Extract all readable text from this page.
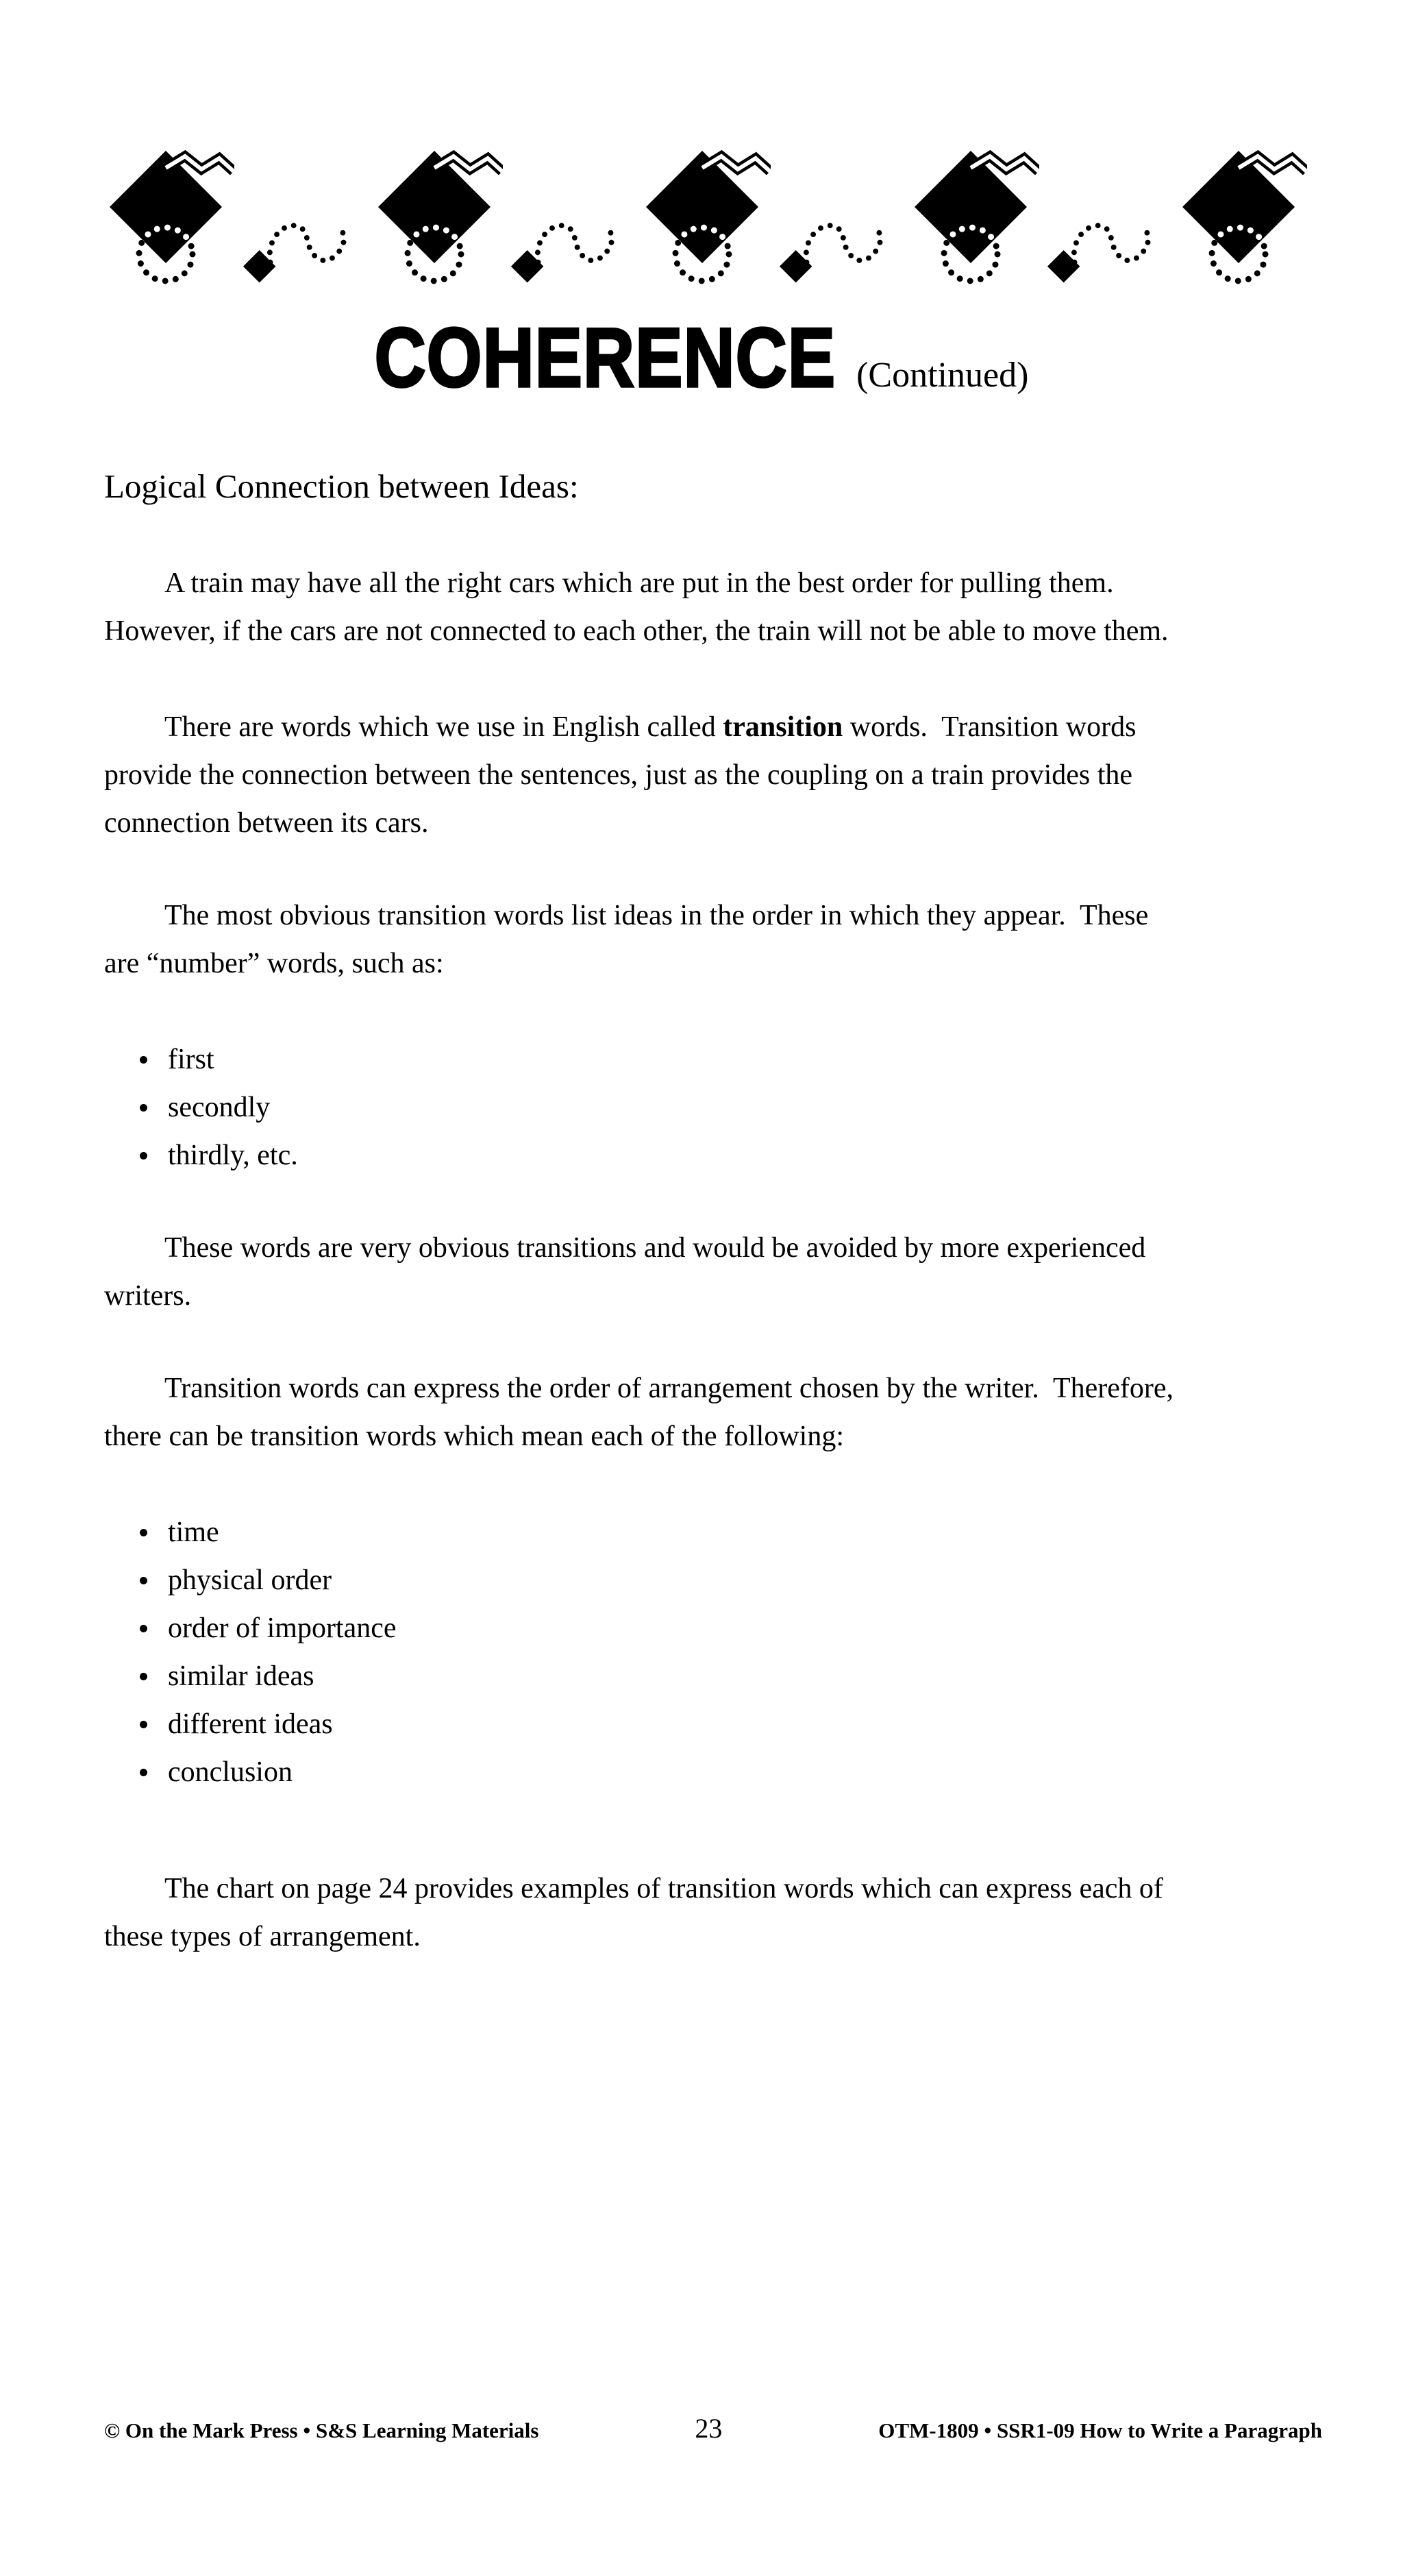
COHERENCE (Continued)
Logical Connection between Ideas:
A train may have all the right cars which are put in the best order for pulling them.
However, if the cars are not connected to each other, the train will not be able to move them.
There are words which we use in English called transition words.  Transition words
provide the connection between the sentences, just as the coupling on a train provides the
connection between its cars.
The most obvious transition words list ideas in the order in which they appear.  These
are “number” words, such as:
first
secondly
thirdly, etc.
These words are very obvious transitions and would be avoided by more experienced
writers.
Transition words can express the order of arrangement chosen by the writer.  Therefore,
there can be transition words which mean each of the following:
time
physical order
order of importance
similar ideas
different ideas
conclusion
The chart on page 24 provides examples of transition words which can express each of
these types of arrangement.
© On the Mark Press • S&S Learning Materials	23	OTM-1809 • SSR1-09 How to Write a Paragraph
